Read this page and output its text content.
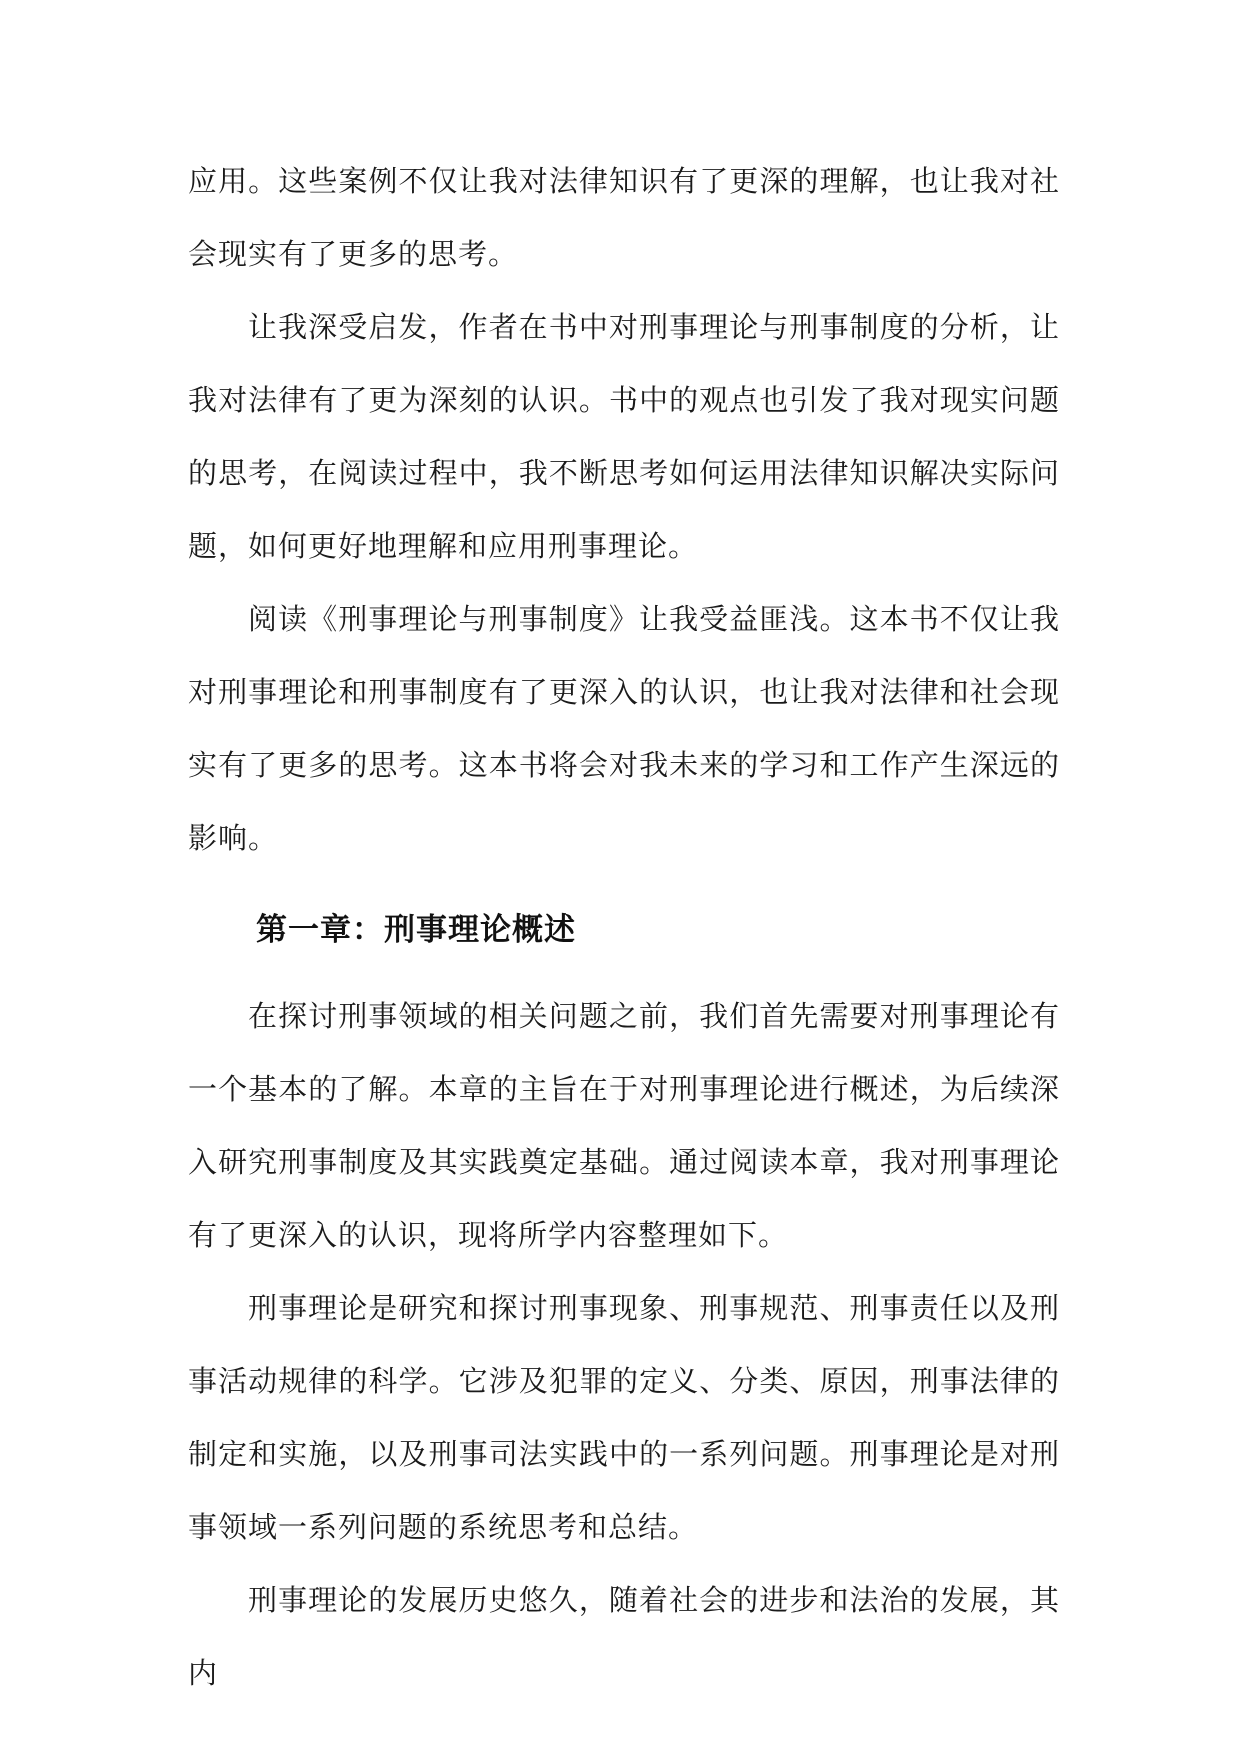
应用。这些案例不仅让我对法律知识有了更深的理解，也让我对社会现实有了更多的思考。

让我深受启发，作者在书中对刑事理论与刑事制度的分析，让我对法律有了更为深刻的认识。书中的观点也引发了我对现实问题的思考，在阅读过程中，我不断思考如何运用法律知识解决实际问题，如何更好地理解和应用刑事理论。

阅读《刑事理论与刑事制度》让我受益匪浅。这本书不仅让我对刑事理论和刑事制度有了更深入的认识，也让我对法律和社会现实有了更多的思考。这本书将会对我未来的学习和工作产生深远的影响。

第一章：刑事理论概述

在探讨刑事领域的相关问题之前，我们首先需要对刑事理论有一个基本的了解。本章的主旨在于对刑事理论进行概述，为后续深入研究刑事制度及其实践奠定基础。通过阅读本章，我对刑事理论有了更深入的认识，现将所学内容整理如下。

刑事理论是研究和探讨刑事现象、刑事规范、刑事责任以及刑事活动规律的科学。它涉及犯罪的定义、分类、原因，刑事法律的制定和实施，以及刑事司法实践中的一系列问题。刑事理论是对刑事领域一系列问题的系统思考和总结。

刑事理论的发展历史悠久，随着社会的进步和法治的发展，其内
